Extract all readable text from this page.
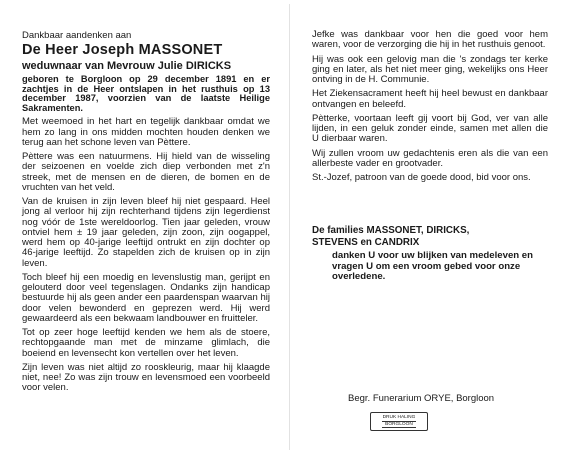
Dankbaar aandenken aan

De Heer Joseph MASSONET

weduwnaar van Mevrouw Julie DIRICKS

geboren te Borgloon op 29 december 1891 en er zachtjes in de Heer ontslapen in het rusthuis op 13 december 1987, voorzien van de laatste Heilige Sakramenten.

Met weemoed in het hart en tegelijk dankbaar omdat we hem zo lang in ons midden mochten houden denken we terug aan het schone leven van Pèttere.

Pèttere was een natuurmens. Hij hield van de wisseling der seizoenen en voelde zich diep verbonden met z'n streek, met de mensen en de dieren, de bomen en de vruchten van het veld.

Van de kruisen in zijn leven bleef hij niet gespaard. Heel jong al verloor hij zijn rechterhand tijdens zijn legerdienst nog vóór de 1ste wereldoorlog. Tien jaar geleden, vrouw ontviel hem ± 19 jaar geleden, zijn zoon, zijn oogappel, werd hem op 40-jarige leeftijd ontrukt en zijn dochter op 46-jarige leeftijd. Zo stapelden zich de kruisen op in zijn leven.

Toch bleef hij een moedig en levenslustig man, gerijpt en gelouterd door veel tegenslagen. Ondanks zijn handicap bestuurde hij als geen ander een paardenspan waarvan hij door velen bewonderd en geprezen werd. Hij werd gewaardeerd als een bekwaam landbouwer en fruitteler.

Tot op zeer hoge leeftijd kenden we hem als de stoere, rechtopgaande man met de minzame glimlach, die boeiend en levensecht kon vertellen over het leven.

Zijn leven was niet altijd zo rooskleurig, maar hij klaagde niet, nee! Zo was zijn trouw en levensmoed een voorbeeld voor velen.

Jefke was dankbaar voor hen die goed voor hem waren, voor de verzorging die hij in het rusthuis genoot.

Hij was ook een gelovig man die 's zondags ter kerke ging en later, als het niet meer ging, wekelijks ons Heer ontving in de H. Communie.

Het Ziekensacrament heeft hij heel bewust en dankbaar ontvangen en beleefd.

Pètterke, voortaan leeft gij voort bij God, ver van alle lijden, in een geluk zonder einde, samen met allen die U dierbaar waren.

Wij zullen vroom uw gedachtenis eren als die van een allerbeste vader en grootvader.

St.-Jozef, patroon van de goede dood, bid voor ons.

De families MASSONET, DIRICKS,
STEVENS en CANDRIX

danken U voor uw blijken van medeleven en vragen U om een vroom gebed voor onze overledene.

Begr. Funerarium ORYE, Borgloon
DRUK HALING
BORGLOON
